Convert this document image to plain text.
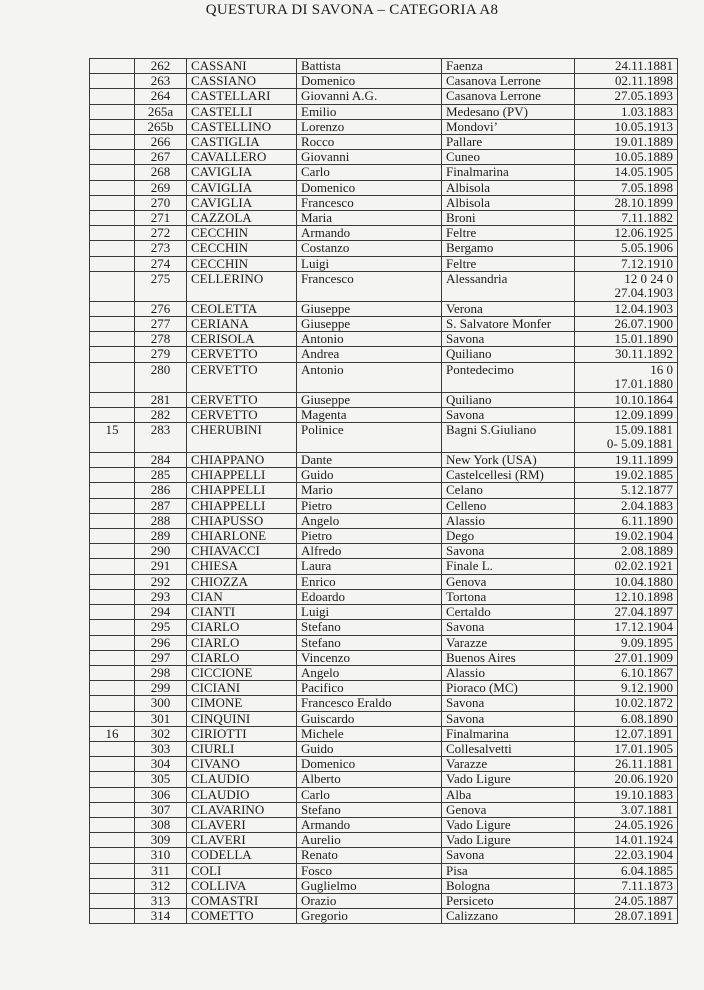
QUESTURA DI SAVONA – CATEGORIA A8
	262	CASSANI	Battista	Faenza	24.11.1881
	263	CASSIANO	Domenico	Casanova Lerrone	02.11.1898
	264	CASTELLARI	Giovanni A.G.	Casanova Lerrone	27.05.1893
	265a	CASTELLI	Emilio	Medesano (PV)	1.03.1883
	265b	CASTELLINO	Lorenzo	Mondovi’	10.05.1913
	266	CASTIGLIA	Rocco	Pallare	19.01.1889
	267	CAVALLERO	Giovanni	Cuneo	10.05.1889
	268	CAVIGLIA	Carlo	Finalmarina	14.05.1905
	269	CAVIGLIA	Domenico	Albisola	7.05.1898
	270	CAVIGLIA	Francesco	Albisola	28.10.1899
	271	CAZZOLA	Maria	Broni	7.11.1882
	272	CECCHIN	Armando	Feltre	12.06.1925
	273	CECCHIN	Costanzo	Bergamo	5.05.1906
	274	CECCHIN	Luigi	Feltre	7.12.1910
	275	CELLERINO	Francesco	Alessandria	12 0 24 0
27.04.1903

	276	CEOLETTA	Giuseppe	Verona	12.04.1903
	277	CERIANA	Giuseppe	S. Salvatore Monfer	26.07.1900
	278	CERISOLA	Antonio	Savona	15.01.1890
	279	CERVETTO	Andrea	Quiliano	30.11.1892
	280	CERVETTO	Antonio	Pontedecimo	16 0
17.01.1880

	281	CERVETTO	Giuseppe	Quiliano	10.10.1864
	282	CERVETTO	Magenta	Savona	12.09.1899
15	283	CHERUBINI	Polinice	Bagni S.Giuliano	15.09.1881
0- 5.09.1881

	284	CHIAPPANO	Dante	New York (USA)	19.11.1899
	285	CHIAPPELLI	Guido	Castelcellesi (RM)	19.02.1885
	286	CHIAPPELLI	Mario	Celano	5.12.1877
	287	CHIAPPELLI	Pietro	Celleno	2.04.1883
	288	CHIAPUSSO	Angelo	Alassio	6.11.1890
	289	CHIARLONE	Pietro	Dego	19.02.1904
	290	CHIAVACCI	Alfredo	Savona	2.08.1889
	291	CHIESA	Laura	Finale L.	02.02.1921
	292	CHIOZZA	Enrico	Genova	10.04.1880
	293	CIAN	Edoardo	Tortona	12.10.1898
	294	CIANTI	Luigi	Certaldo	27.04.1897
	295	CIARLO	Stefano	Savona	17.12.1904
	296	CIARLO	Stefano	Varazze	9.09.1895
	297	CIARLO	Vincenzo	Buenos Aires	27.01.1909
	298	CICCIONE	Angelo	Alassio	6.10.1867
	299	CICIANI	Pacifico	Pioraco (MC)	9.12.1900
	300	CIMONE	Francesco Eraldo	Savona	10.02.1872
	301	CINQUINI	Guiscardo	Savona	6.08.1890
16	302	CIRIOTTI	Michele	Finalmarina	12.07.1891
	303	CIURLI	Guido	Collesalvetti	17.01.1905
	304	CIVANO	Domenico	Varazze	26.11.1881
	305	CLAUDIO	Alberto	Vado Ligure	20.06.1920
	306	CLAUDIO	Carlo	Alba	19.10.1883
	307	CLAVARINO	Stefano	Genova	3.07.1881
	308	CLAVERI	Armando	Vado Ligure	24.05.1926
	309	CLAVERI	Aurelio	Vado Ligure	14.01.1924
	310	CODELLA	Renato	Savona	22.03.1904
	311	COLI	Fosco	Pisa	6.04.1885
	312	COLLIVA	Guglielmo	Bologna	7.11.1873
	313	COMASTRI	Orazio	Persiceto	24.05.1887
	314	COMETTO	Gregorio	Calizzano	28.07.1891
